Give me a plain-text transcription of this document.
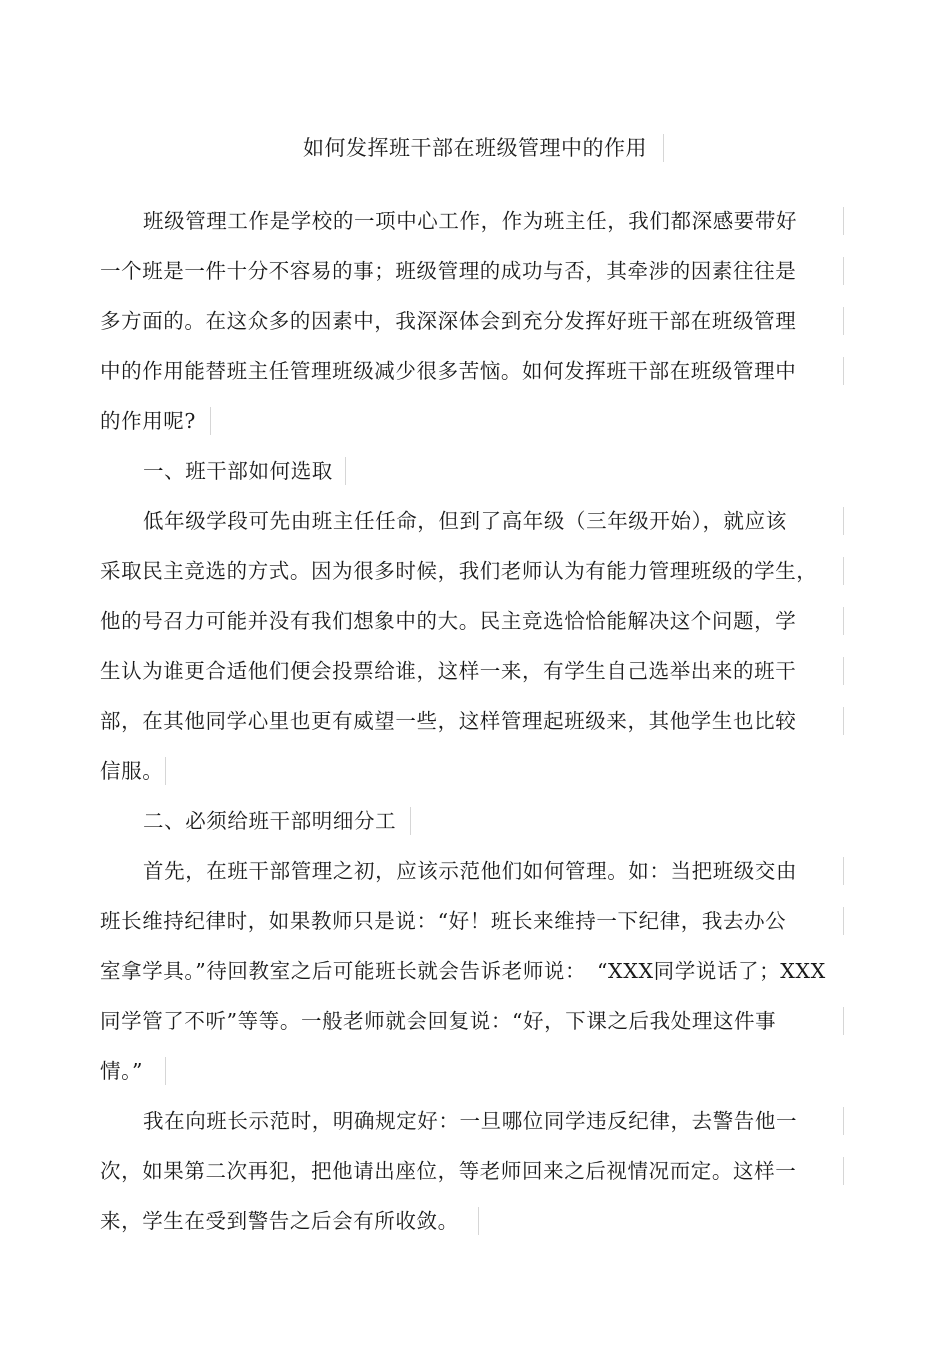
如何发挥班干部在班级管理中的作用
班级管理工作是学校的一项中心工作，作为班主任，我们都深感要带好
一个班是一件十分不容易的事；班级管理的成功与否，其牵涉的因素往往是
多方面的。在这众多的因素中，我深深体会到充分发挥好班干部在班级管理
中的作用能替班主任管理班级减少很多苦恼。如何发挥班干部在班级管理中
的作用呢?
一、班干部如何选取
低年级学段可先由班主任任命，但到了高年级（三年级开始），就应该
采取民主竞选的方式。因为很多时候，我们老师认为有能力管理班级的学生，
他的号召力可能并没有我们想象中的大。民主竞选恰恰能解决这个问题，学
生认为谁更合适他们便会投票给谁，这样一来，有学生自己选举出来的班干
部，在其他同学心里也更有威望一些，这样管理起班级来，其他学生也比较
信服。
二、必须给班干部明细分工
首先，在班干部管理之初，应该示范他们如何管理。如：当把班级交由
班长维持纪律时，如果教师只是说：“好！班长来维持一下纪律，我去办公
室拿学具。”待回教室之后可能班长就会告诉老师说：　“XXX同学说话了；XXX
同学管了不听”等等。一般老师就会回复说：“好，下课之后我处理这件事
情。”
我在向班长示范时，明确规定好：一旦哪位同学违反纪律，去警告他一
次，如果第二次再犯，把他请出座位，等老师回来之后视情况而定。这样一
来，学生在受到警告之后会有所收敛。
